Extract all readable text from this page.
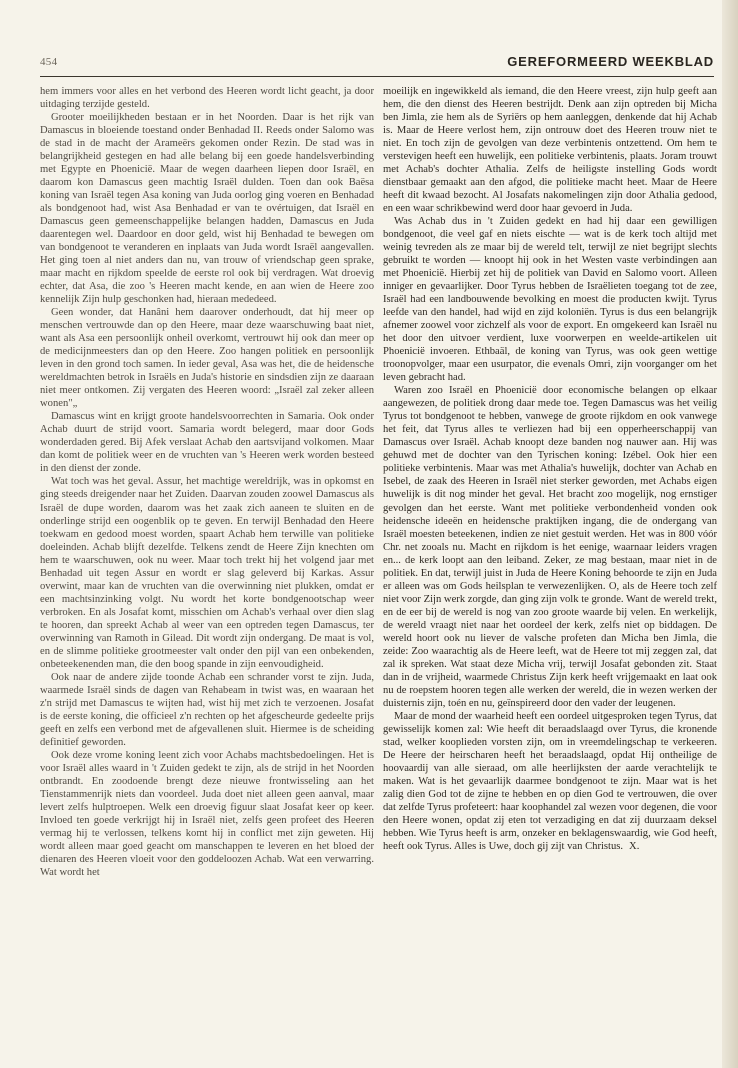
454	GEREFORMEERD WEEKBLAD

hem immers voor alles en het verbond des Heeren wordt licht geacht, ja door uitdaging terzijde gesteld.

Grooter moeilijkheden bestaan er in het Noorden. Daar is het rijk van Damascus in bloeiende toestand onder Benhadad II. Reeds onder Salomo was de stad in de macht der Arameërs gekomen onder Rezin. De stad was in belangrijkheid gestegen en had alle belang bij een goede handelsverbinding met Egypte en Phoenicië. Maar de wegen daarheen liepen door Israël, en daarom kon Damascus geen machtig Israël dulden. Toen dan ook Baësa koning van Israël tegen Asa koning van Juda oorlog ging voeren en Benhadad als bondgenoot had, wist Asa Benhadad er van te ovértuigen, dat Israël en Damascus geen gemeenschappelijke belangen hadden, Damascus en Juda daarentegen wel. Daardoor en door geld, wist hij Benhadad te bewegen om van bondgenoot te veranderen en inplaats van Juda wordt Israël aangevallen. Het ging toen al niet anders dan nu, van trouw of vriendschap geen sprake, maar macht en rijkdom speelde de eerste rol ook bij verdragen. Wat droevig echter, dat Asa, die zoo 's Heeren macht kende, en aan wien de Heere zoo kennelijk Zijn hulp geschonken had, hieraan mededeed.

Geen wonder, dat Hanâni hem daarover onderhoudt, dat hij meer op menschen vertrouwde dan op den Heere, maar deze waarschuwing baat niet, want als Asa een persoonlijk onheil overkomt, vertrouwt hij ook dan meer op de medicijnmeesters dan op den Heere. Zoo hangen politiek en persoonlijk leven in den grond toch samen. In ieder geval, Asa was het, die de heidensche wereldmachten betrok in Israëls en Juda's historie en sindsdien zijn ze daaraan niet meer ontkomen. Zij vergaten des Heeren woord: „Israël zal zeker alleen wonen"„

Damascus wint en krijgt groote handelsvoorrechten in Samaria. Ook onder Achab duurt de strijd voort. Samaria wordt belegerd, maar door Gods wonderdaden gered. Bij Afek verslaat Achab den aartsvijand volkomen. Maar dan komt de politiek weer en de vruchten van 's Heeren werk worden besteed in den dienst der zonde.

Wat toch was het geval. Assur, het machtige wereldrijk, was in opkomst en ging steeds dreigender naar het Zuiden. Daarvan zouden zoowel Damascus als Israël de dupe worden, daarom was het zaak zich aaneen te sluiten en de onderlinge strijd een oogenblik op te geven. En terwijl Benhadad den Heere toekwam en gedood moest worden, spaart Achab hem terwille van politieke doeleinden. Achab blijft dezelfde. Telkens zendt de Heere Zijn knechten om hem te waarschuwen, ook nu weer. Maar toch trekt hij het volgend jaar met Benhadad uit tegen Assur en wordt er slag geleverd bij Karkas. Assur overwint, maar kan de vruchten van die overwinning niet plukken, omdat er een machtsinzinking volgt. Nu wordt het korte bondgenootschap weer verbroken. En als Josafat komt, misschien om Achab's verhaal over dien slag te hooren, dan spreekt Achab al weer van een optreden tegen Damascus, ter overwinning van Ramoth in Gilead. Dit wordt zijn ondergang. De maat is vol, en de slimme politieke grootmeester valt onder den pijl van een onbekenden, onbeteekenenden man, die den boog spande in zijn eenvoudigheid.

Ook naar de andere zijde toonde Achab een schrander vorst te zijn. Juda, waarmede Israël sinds de dagen van Rehabeam in twist was, en waaraan het z'n strijd met Damascus te wijten had, wist hij met zich te verzoenen. Josafat is de eerste koning, die officieel z'n rechten op het afgescheurde gedeelte prijs geeft en zelfs een verbond met de afgevallenen sluit. Hiermee is de scheiding definitief geworden.

Ook deze vrome koning leent zich voor Achabs machtsbedoelingen. Het is voor Israël alles waard in 't Zuiden gedekt te zijn, als de strijd in het Noorden ontbrandt. En zoodoende brengt deze nieuwe frontwisseling aan het Tienstammenrijk niets dan voordeel. Juda doet niet alleen geen aanval, maar levert zelfs hulptroepen. Welk een droevig figuur slaat Josafat keer op keer. Invloed ten goede verkrijgt hij in Israël niet, zelfs geen profeet des Heeren vermag hij te verlossen, telkens komt hij in conflict met zijn geweten. Hij wordt alleen maar goed geacht om manschappen te leveren en het bloed der dienaren des Heeren vloeit voor den goddeloozen Achab. Wat een verwarring. Wat wordt het

moeilijk en ingewikkeld als iemand, die den Heere vreest, zijn hulp geeft aan hem, die den dienst des Heeren bestrijdt. Denk aan zijn optreden bij Micha ben Jimla, zie hem als de Syriërs op hem aanleggen, denkende dat hij Achab is. Maar de Heere verlost hem, zijn ontrouw doet des Heeren trouw niet te niet. En toch zijn de gevolgen van deze verbintenis ontzettend. Om hem te verstevigen heeft een huwelijk, een politieke verbintenis, plaats. Joram trouwt met Achab's dochter Athalia. Zelfs de heiligste instelling Gods wordt dienstbaar gemaakt aan den afgod, die politieke macht heet. Maar de Heere heeft dit kwaad bezocht. Al Josafats nakomelingen zijn door Athalia gedood, en een waar schrikbewind werd door haar gevoerd in Juda.

Was Achab dus in 't Zuiden gedekt en had hij daar een gewilligen bondgenoot, die veel gaf en niets eischte — wat is de kerk toch altijd met weinig tevreden als ze maar bij de wereld telt, terwijl ze niet begrijpt slechts gebruikt te worden — knoopt hij ook in het Westen vaste verbindingen aan met Phoenicië. Hierbij zet hij de politiek van David en Salomo voort. Alleen inniger en gevaarlijker. Door Tyrus hebben de Israëlieten toegang tot de zee, Israël had een landbouwende bevolking en moest die producten kwijt. Tyrus leefde van den handel, had wijd en zijd koloniën. Tyrus is dus een belangrijk afnemer zoowel voor zichzelf als voor de export. En omgekeerd kan Israël nu het door den uitvoer verdient, luxe voorwerpen en weelde-artikelen uit Phoenicië invoeren. Ethbaäl, de koning van Tyrus, was ook geen wettige troonopvolger, maar een usurpator, die evenals Omri, zijn voorganger om het leven gebracht had.

Waren zoo Israël en Phoenicië door economische belangen op elkaar aangewezen, de politiek drong daar mede toe. Tegen Damascus was het veilig Tyrus tot bondgenoot te hebben, vanwege de groote rijkdom en ook vanwege het feit, dat Tyrus alles te verliezen had bij een opperheerschappij van Damascus over Israël. Achab knoopt deze banden nog nauwer aan. Hij was gehuwd met de dochter van den Tyrischen koning: Izébel. Ook hier een politieke verbintenis. Maar was met Athalia's huwelijk, dochter van Achab en Isebel, de zaak des Heeren in Israël niet sterker geworden, met Achabs eigen huwelijk is dit nog minder het geval. Het bracht zoo mogelijk, nog ernstiger gevolgen dan het eerste. Want met politieke verbondenheid vonden ook heidensche ideeën en heidensche praktijken ingang, die de ondergang van Israël moesten beteekenen, indien ze niet gestuit werden. Het was in 800 vóór Chr. net zooals nu. Macht en rijkdom is het eenige, waarnaar leiders vragen en... de kerk loopt aan den leiband. Zeker, ze mag bestaan, maar niet in de politiek. En dat, terwijl juist in Juda de Heere Koning behoorde te zijn en Juda er alleen was om Gods heilsplan te verwezenlijken. O, als de Heere toch zelf niet voor Zijn werk zorgde, dan ging zijn volk te gronde. Want de wereld trekt, en de eer bij de wereld is nog van zoo groote waarde bij velen. En werkelijk, de wereld vraagt niet naar het oordeel der kerk, zelfs niet op biddagen. De wereld hoort ook nu liever de valsche profeten dan Micha ben Jimla, die zeide: Zoo waarachtig als de Heere leeft, wat de Heere tot mij zeggen zal, dat zal ik spreken. Wat staat deze Micha vrij, terwijl Josafat gebonden zit. Staat dan in de vrijheid, waarmede Christus Zijn kerk heeft vrijgemaakt en laat ook nu de roepstem hooren tegen alle werken der wereld, die in wezen werken der duisternis zijn, toén en nu, geïnspireerd door den vader der leugenen.

Maar de mond der waarheid heeft een oordeel uitgesproken tegen Tyrus, dat gewisselijk komen zal: Wie heeft dit beraadslaagd over Tyrus, die kronende stad, welker kooplieden vorsten zijn, om in vreemdelingschap te verkeeren. De Heere der heirscharen heeft het beraadslaagd, opdat Hij ontheilige de hoovaardij van alle sieraad, om alle heerlijksten der aarde verachtelijk te maken. Wat is het gevaarlijk daarmee bondgenoot te zijn. Maar wat is het zalig dien God tot de zijne te hebben en op dien God te vertrouwen, die over dat zelfde Tyrus profeteert: haar koophandel zal wezen voor degenen, die voor den Heere wonen, opdat zij eten tot verzadiging en dat zij duurzaam deksel hebben. Wie Tyrus heeft is arm, onzeker en beklagenswaardig, wie God heeft, heeft ook Tyrus. Alles is Uwe, doch gij zijt van Christus. X.
